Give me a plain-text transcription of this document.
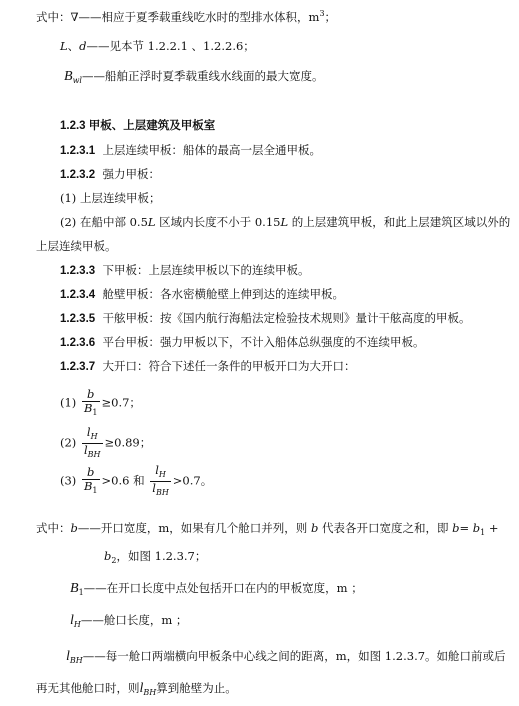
式中：∇——相应于夏季载重线吃水时的型排水体积，$m^3$；
L、d——见本节 1.2.2.1 、1.2.2.6；
$B_{wl}——$船舶正浮时夏季载重线水线面的最大宽度。
1.2.3 甲板、上层建筑及甲板室
1.2.3.1 上层连续甲板：船体的最高一层全通甲板。
1.2.3.2 强力甲板：
(1) 上层连续甲板；
(2) 在船中部 0.5L 区域内长度不小于 0.15L 的上层建筑甲板，和此上层建筑区域以外的
上层连续甲板。
1.2.3.3 下甲板：上层连续甲板以下的连续甲板。
1.2.3.4 舱壁甲板：各水密横舱壁上伸到达的连续甲板。
1.2.3.5 干舷甲板：按《国内航行海船法定检验技术规则》量计干舷高度的甲板。
1.2.3.6 平台甲板：强力甲板以下，不计入船体总纵强度的不连续甲板。
1.2.3.7 大开口：符合下述任一条件的甲板开口为大开口：
$(1) \frac{b}{B_1} \ge 0.7$；
$(2) \frac{l_H}{l_{BH}} \ge 0.89$；
$(3) \frac{b}{B_1} >0.6$ 和 $\frac{l_H}{l_{BH}} >0.7$。
式中：b——开口宽度，m，如果有几个舱口并列，则 b 代表各开口宽度之和，即 $b= b_1$ +
$b_2$，如图 1.2.3.7；
$B_1——$在开口长度中点处包括开口在内的甲板宽度，m ；
$l_H——$舱口长度，m ；
$l_{BH}——$每一舱口两端横向甲板条中心线之间的距离，m，如图 1.2.3.7。如舱口前或后
再无其他舱口时，则$l_{BH}$算到舱壁为止。
